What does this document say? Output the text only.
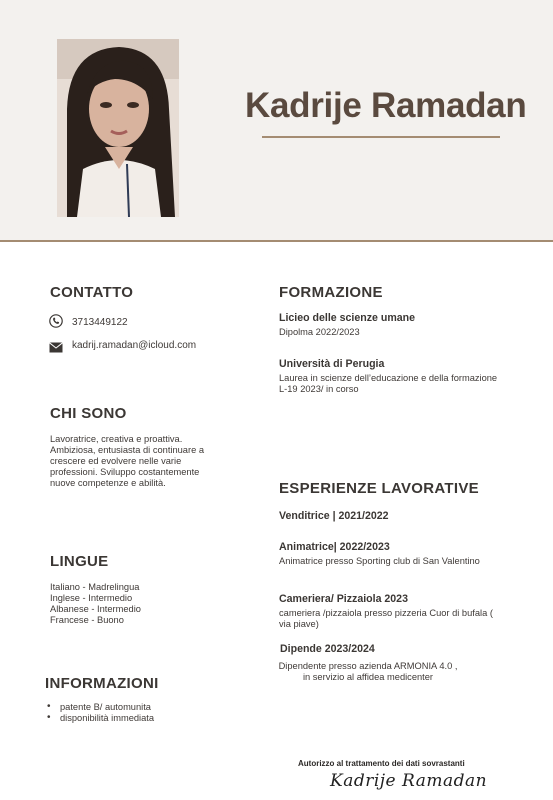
Kadrije Ramadan
CONTATTO
3713449122
kadrij.ramadan@icloud.com
CHI SONO
Lavoratrice, creativa e proattiva.
Ambiziosa, entusiasta di continuare a
crescere ed evolvere nelle varie
professioni. Sviluppo costantemente
nuove competenze e abilità.
LINGUE
Italiano - Madrelingua
Inglese - Intermedio
Albanese - Intermedio
Francese - Buono
INFORMAZIONI
• patente B/ automunita
• disponibilità immediata
FORMAZIONE
Licieo delle scienze umane
Dipolma 2022/2023
Università di Perugia
Laurea in scienze dell’educazione e della formazione
L-19 2023/ in corso
ESPERIENZE LAVORATIVE
Venditrice | 2021/2022
Animatrice| 2022/2023
Animatrice presso Sporting club di San Valentino
Cameriera/ Pizzaiola 2023
cameriera /pizzaiola presso pizzeria Cuor di bufala (
via piave)
Dipende 2023/2024
Dipendente presso azienda ARMONIA 4.0 ,
in servizio al affidea medicenter
Autorizzo al trattamento dei dati sovrastanti
Kadrije Ramadan
